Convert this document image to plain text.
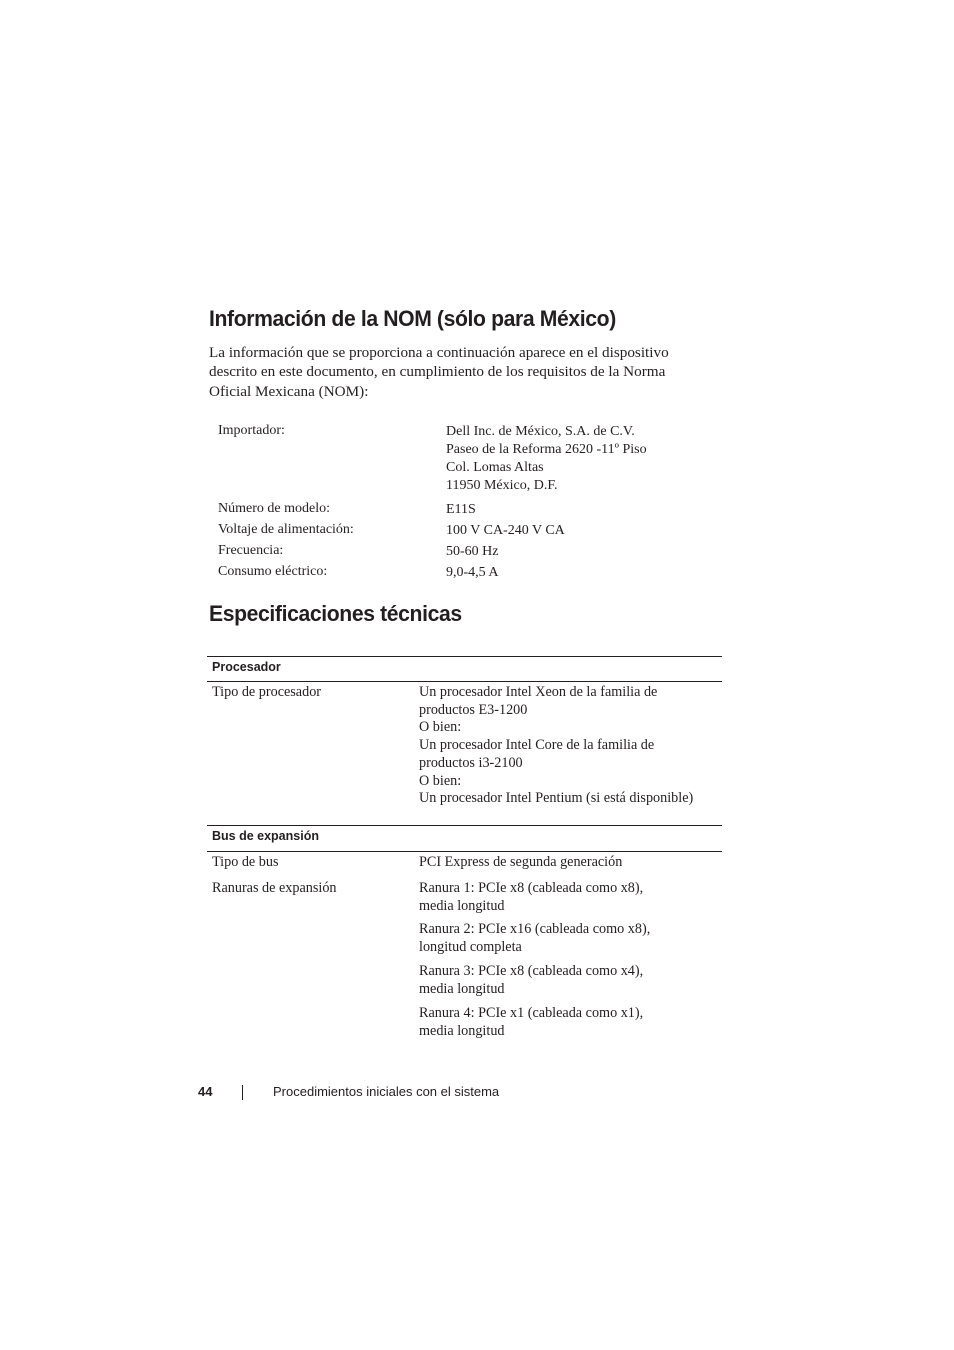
Información de la NOM (sólo para México)

La información que se proporciona a continuación aparece en el dispositivo
descrito en este documento, en cumplimiento de los requisitos de la Norma
Oficial Mexicana (NOM):

Importador:	Dell Inc. de México, S.A. de C.V.
Paseo de la Reforma 2620 -11º Piso
Col. Lomas Altas
11950 México, D.F.
Número de modelo:	E11S
Voltaje de alimentación:	100 V CA-240 V CA
Frecuencia:	50-60 Hz
Consumo eléctrico:	9,0-4,5 A
Especificaciones técnicas
Procesador
Tipo de procesador	Un procesador Intel Xeon de la familia de
productos E3-1200
O bien:
Un procesador Intel Core de la familia de
productos i3-2100
O bien:
Un procesador Intel Pentium (si está disponible)
Bus de expansión
Tipo de bus	PCI Express de segunda generación
Ranuras de expansión	Ranura 1: PCIe x8 (cableada como x8),
media longitud
Ranura 2: PCIe x16 (cableada como x8),
longitud completa
Ranura 3: PCIe x8 (cableada como x4),
media longitud
Ranura 4: PCIe x1 (cableada como x1),
media longitud
44	Procedimientos iniciales con el sistema
